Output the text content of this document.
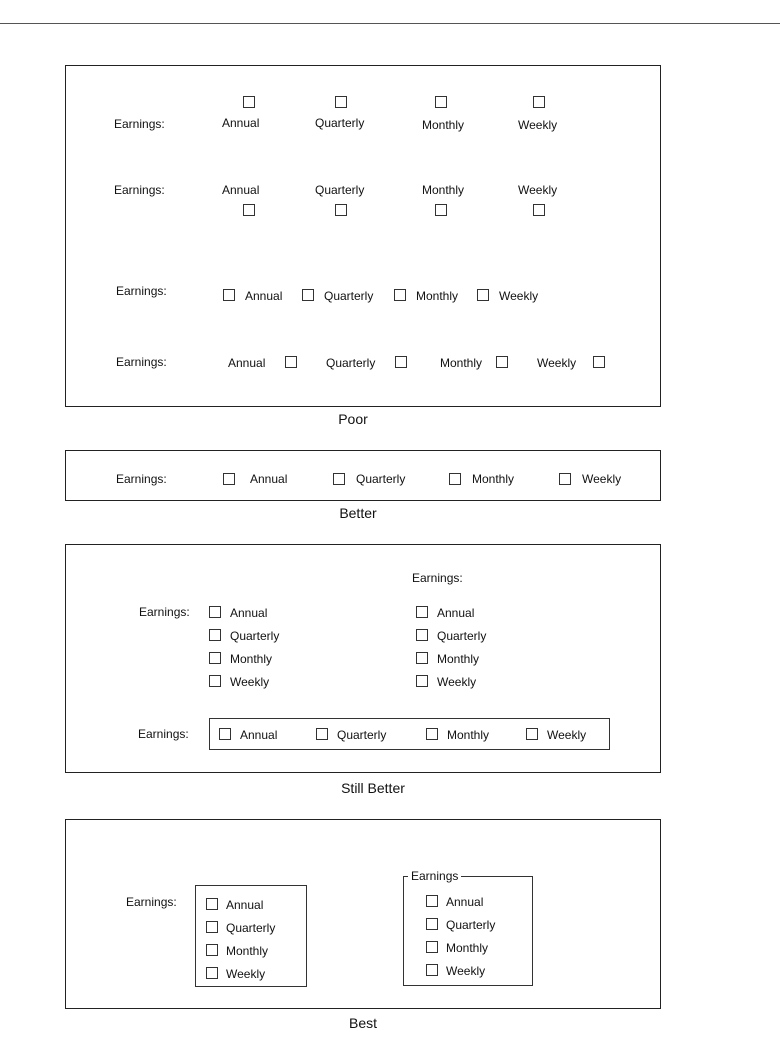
Earnings:	Annual	Quarterly	Monthly	Weekly
Earnings:	Annual	Quarterly	Monthly	Weekly
Earnings:	Annual	Quarterly	Monthly	Weekly
Earnings:	Annual	Quarterly	Monthly	Weekly
Poor
Earnings:	Annual	Quarterly	Monthly	Weekly
Better
Earnings:	Annual
Quarterly
Monthly
Weekly
Earnings:
Annual
Quarterly
Monthly
Weekly
Earnings:	Annual	Quarterly	Monthly	Weekly
Still Better
Earnings:	Annual
Quarterly
Monthly
Weekly
Earnings
Annual
Quarterly
Monthly
Weekly
Best
